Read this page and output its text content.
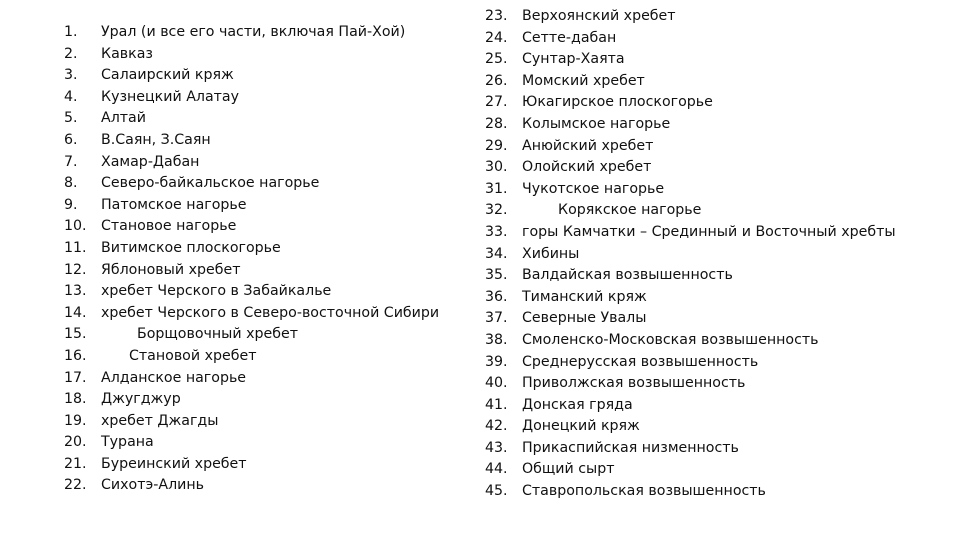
1.	Урал (и все его части, включая Пай-Хой)
2.	Кавказ
3.	Салаирский кряж
4.	Кузнецкий Алатау
5.	Алтай
6.	В.Саян, З.Саян
7.	Хамар-Дабан
8.	Северо-байкальское нагорье
9.	Патомское нагорье
10.	Становое нагорье
11.	Витимское плоскогорье
12.	Яблоновый хребет
13.	хребет Черского в Забайкалье
14.	хребет Черского в Северо-восточной Сибири
15.	Борщовочный хребет
16.	Становой хребет
17.	Алданское нагорье
18.	Джугджур
19.	хребет Джагды
20.	Турана
21.	Буреинский хребет
22.	Сихотэ-Алинь
23.	Верхоянский хребет
24.	Сетте-дабан
25.	Сунтар-Хаята
26.	Момский хребет
27.	Юкагирское плоскогорье
28.	Колымское нагорье
29.	Анюйский хребет
30.	Олойский хребет
31.	Чукотское нагорье
32.	Корякское нагорье
33.	горы Камчатки – Срединный и Восточный хребты
34.	Хибины
35.	Валдайская возвышенность
36.	Тиманский кряж
37.	Северные Увалы
38.	Смоленско-Московская возвышенность
39.	Среднерусская возвышенность
40.	Приволжская возвышенность
41.	Донская гряда
42.	Донецкий кряж
43.	Прикаспийская низменность
44.	Общий сырт
45.	Ставропольская возвышенность
